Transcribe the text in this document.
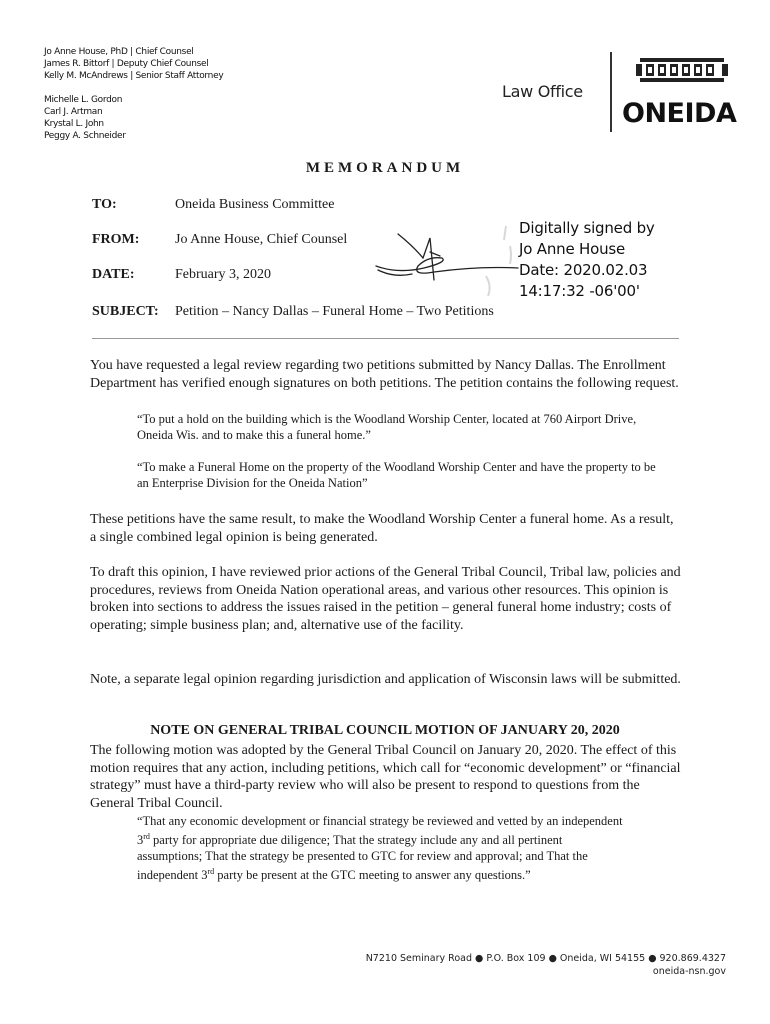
Jo Anne House, PhD | Chief Counsel
James R. Bittorf | Deputy Chief Counsel
Kelly M. McAndrews | Senior Staff Attorney
Michelle L. Gordon
Carl J. Artman
Krystal L. John
Peggy A. Schneider
Law Office
ONEIDA
MEMORANDUM
TO:	Oneida Business Committee
FROM:	Jo Anne House, Chief Counsel
DATE:	February 3, 2020
SUBJECT: Petition – Nancy Dallas – Funeral Home – Two Petitions
Digitally signed by
Jo Anne House
Date: 2020.02.03
14:17:32 -06'00'
You have requested a legal review regarding two petitions submitted by Nancy Dallas. The Enrollment Department has verified enough signatures on both petitions. The petition contains the following request.
“To put a hold on the building which is the Woodland Worship Center, located at 760 Airport Drive, Oneida Wis. and to make this a funeral home.”
“To make a Funeral Home on the property of the Woodland Worship Center and have the property to be an Enterprise Division for the Oneida Nation”
These petitions have the same result, to make the Woodland Worship Center a funeral home. As a result, a single combined legal opinion is being generated.
To draft this opinion, I have reviewed prior actions of the General Tribal Council, Tribal law, policies and procedures, reviews from Oneida Nation operational areas, and various other resources. This opinion is broken into sections to address the issues raised in the petition – general funeral home industry; costs of operating; simple business plan; and, alternative use of the facility.
Note, a separate legal opinion regarding jurisdiction and application of Wisconsin laws will be submitted.
NOTE ON GENERAL TRIBAL COUNCIL MOTION OF JANUARY 20, 2020
The following motion was adopted by the General Tribal Council on January 20, 2020. The effect of this motion requires that any action, including petitions, which call for “economic development” or “financial strategy” must have a third-party review who will also be present to respond to questions from the General Tribal Council.
“That any economic development or financial strategy be reviewed and vetted by an independent
3rd party for appropriate due diligence; That the strategy include any and all pertinent
assumptions; That the strategy be presented to GTC for review and approval; and That the
independent 3rd party be present at the GTC meeting to answer any questions.”
N7210 Seminary Road ● P.O. Box 109 ● Oneida, WI 54155 ● 920.869.4327
oneida-nsn.gov
